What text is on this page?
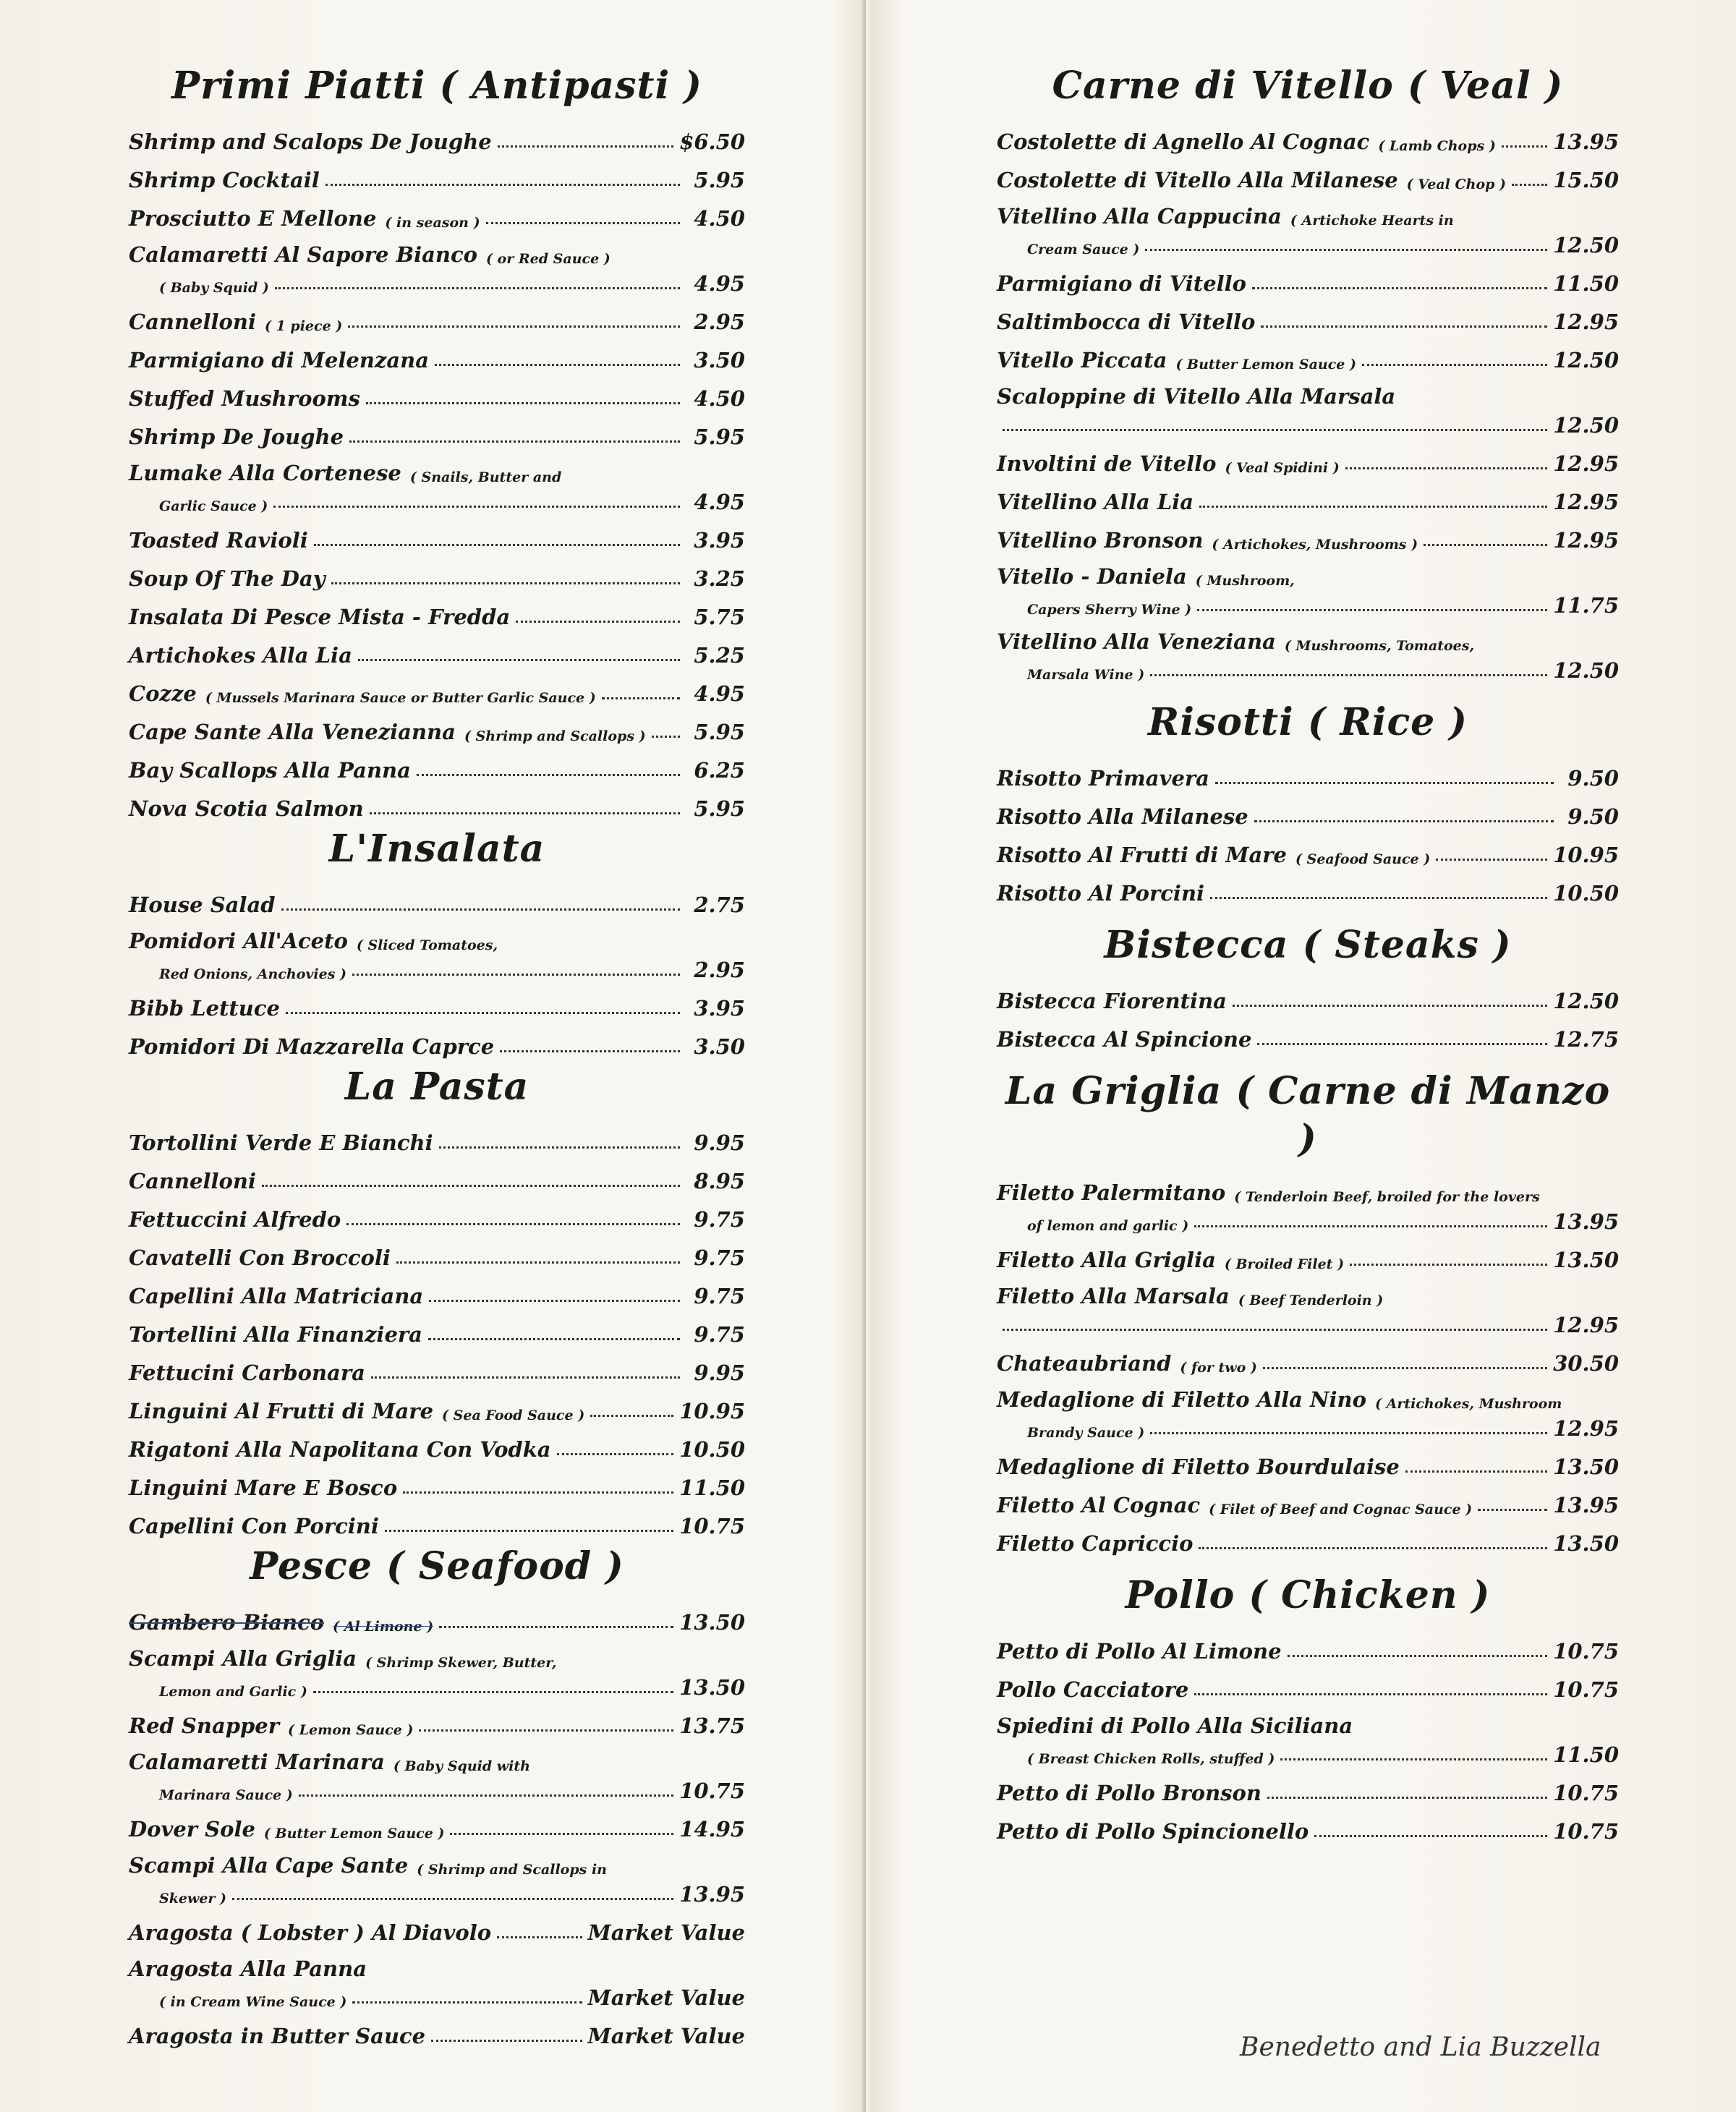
Primi Piatti ( Antipasti )
Shrimp and Scalops De Joughe	$6.50
Shrimp Cocktail	5.95
Prosciutto E Mellone ( in season )	4.50
Calamaretti Al Sapore Bianco ( or Red Sauce )
( Baby Squid )	4.95
Cannelloni ( 1 piece )	2.95
Parmigiano di Melenzana	3.50
Stuffed Mushrooms	4.50
Shrimp De Joughe	5.95
Lumake Alla Cortenese ( Snails, Butter and
Garlic Sauce )	4.95
Toasted Ravioli	3.95
Soup Of The Day	3.25
Insalata Di Pesce Mista - Fredda	5.75
Artichokes Alla Lia	5.25
Cozze ( Mussels Marinara Sauce or Butter Garlic Sauce )	4.95
Cape Sante Alla Venezianna ( Shrimp and Scallops )	5.95
Bay Scallops Alla Panna	6.25
Nova Scotia Salmon	5.95
L'Insalata
House Salad	2.75
Pomidori All'Aceto ( Sliced Tomatoes,
Red Onions, Anchovies )	2.95
Bibb Lettuce	3.95
Pomidori Di Mazzarella Caprce	3.50
La Pasta
Tortollini Verde E Bianchi	9.95
Cannelloni	8.95
Fettuccini Alfredo	9.75
Cavatelli Con Broccoli	9.75
Capellini Alla Matriciana	9.75
Tortellini Alla Finanziera	9.75
Fettucini Carbonara	9.95
Linguini Al Frutti di Mare ( Sea Food Sauce )	10.95
Rigatoni Alla Napolitana Con Vodka	10.50
Linguini Mare E Bosco	11.50
Capellini Con Porcini	10.75
Pesce ( Seafood )
Gambero Bianco ( Al Limone )	13.50
Scampi Alla Griglia ( Shrimp Skewer, Butter,
Lemon and Garlic )	13.50
Red Snapper ( Lemon Sauce )	13.75
Calamaretti Marinara ( Baby Squid with
Marinara Sauce )	10.75
Dover Sole ( Butter Lemon Sauce )	14.95
Scampi Alla Cape Sante ( Shrimp and Scallops in
Skewer )	13.95
Aragosta ( Lobster ) Al Diavolo	Market Value
Aragosta Alla Panna
( in Cream Wine Sauce )	Market Value
Aragosta in Butter Sauce	Market Value
Carne di Vitello ( Veal )
Costolette di Agnello Al Cognac ( Lamb Chops )	13.95
Costolette di Vitello Alla Milanese ( Veal Chop ) 15.50
Vitellino Alla Cappucina ( Artichoke Hearts in
Cream Sauce )	12.50
Parmigiano di Vitello	11.50
Saltimbocca di Vitello	12.95
Vitello Piccata ( Butter Lemon Sauce )	12.50
Scaloppine di Vitello Alla Marsala
12.50
Involtini de Vitello ( Veal Spidini )	12.95
Vitellino Alla Lia	12.95
Vitellino Bronson ( Artichokes, Mushrooms )	12.95
Vitello - Daniela ( Mushroom,
Capers Sherry Wine )	11.75
Vitellino Alla Veneziana ( Mushrooms, Tomatoes,
Marsala Wine )	12.50
Risotti ( Rice )
Risotto Primavera	9.50
Risotto Alla Milanese	9.50
Risotto Al Frutti di Mare ( Seafood Sauce )	10.95
Risotto Al Porcini	10.50
Bistecca ( Steaks )
Bistecca Fiorentina	12.50
Bistecca Al Spincione	12.75
La Griglia ( Carne di Manzo )
Filetto Palermitano ( Tenderloin Beef, broiled for the lovers
of lemon and garlic )	13.95
Filetto Alla Griglia ( Broiled Filet )	13.50
Filetto Alla Marsala ( Beef Tenderloin )
12.95
Chateaubriand ( for two )	30.50
Medaglione di Filetto Alla Nino ( Artichokes, Mushroom
Brandy Sauce )	12.95
Medaglione di Filetto Bourdulaise	13.50
Filetto Al Cognac ( Filet of Beef and Cognac Sauce )	13.95
Filetto Capriccio	13.50
Pollo ( Chicken )
Petto di Pollo Al Limone	10.75
Pollo Cacciatore	10.75
Spiedini di Pollo Alla Siciliana
( Breast Chicken Rolls, stuffed )	11.50
Petto di Pollo Bronson	10.75
Petto di Pollo Spincionello	10.75
Benedetto and Lia Buzzella
